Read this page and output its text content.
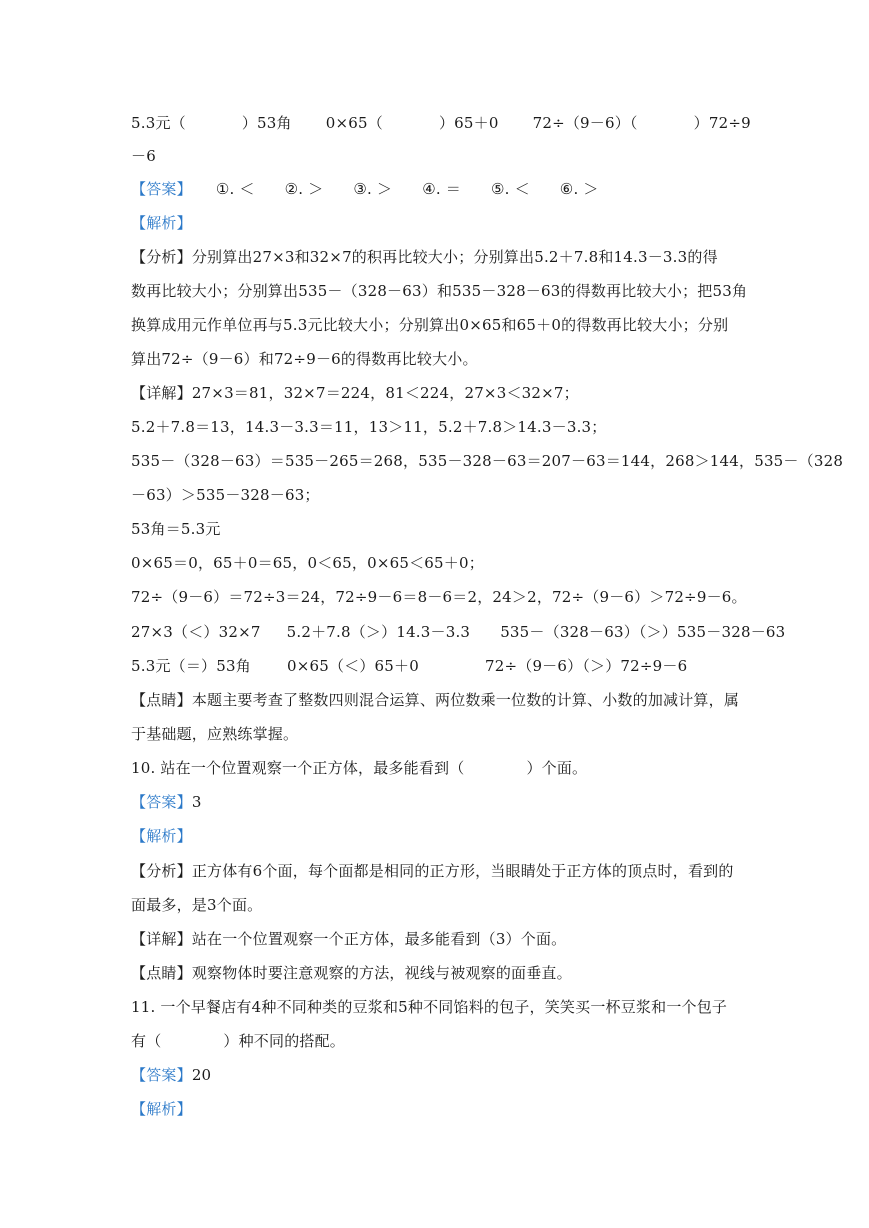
5.3元（	）53角 0×65（	）65＋0 72÷（9－6）（	）72÷9
－6
【答案】 ①. ＜ ②. ＞ ③. ＞ ④. ＝ ⑤. ＜ ⑥. ＞
【解析】
【分析】分别算出27×3和32×7的积再比较大小；分别算出5.2＋7.8和14.3－3.3的得
数再比较大小；分别算出535－（328－63）和535－328－63的得数再比较大小；把53角
换算成用元作单位再与5.3元比较大小；分别算出0×65和65＋0的得数再比较大小；分别
算出72÷（9－6）和72÷9－6的得数再比较大小。
【详解】27×3＝81，32×7＝224，81＜224，27×3＜32×7；
5.2＋7.8＝13，14.3－3.3＝11，13＞11，5.2＋7.8＞14.3－3.3；
535－（328－63）＝535－265＝268，535－328－63＝207－63＝144，268＞144，535－（328
－63）＞535－328－63；
53角＝5.3元
0×65＝0，65＋0＝65，0＜65，0×65＜65＋0；
72÷（9－6）＝72÷3＝24，72÷9－6＝8－6＝2，24＞2，72÷（9－6）＞72÷9－6。
27×3（＜）32×7 5.2＋7.8（＞）14.3－3.3 535－（328－63）（＞）535－328－63
5.3元（＝）53角 0×65（＜）65＋0	72÷（9－6）（＞）72÷9－6
【点睛】本题主要考查了整数四则混合运算、两位数乘一位数的计算、小数的加减计算，属
于基础题，应熟练掌握。
10. 站在一个位置观察一个正方体，最多能看到（	）个面。
【答案】3
【解析】
【分析】正方体有6个面，每个面都是相同的正方形，当眼睛处于正方体的顶点时，看到的
面最多，是3个面。
【详解】站在一个位置观察一个正方体，最多能看到（3）个面。
【点睛】观察物体时要注意观察的方法，视线与被观察的面垂直。
11. 一个早餐店有4种不同种类的豆浆和5种不同馅料的包子，笑笑买一杯豆浆和一个包子
有（	）种不同的搭配。
【答案】20
【解析】
